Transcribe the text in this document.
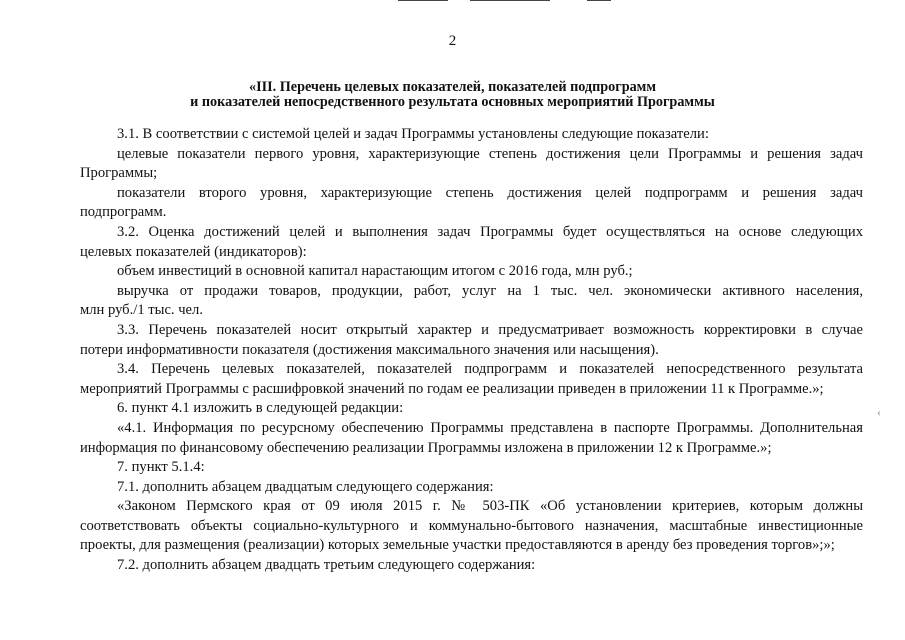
2
«III. Перечень целевых показателей, показателей подпрограмм
и показателей непосредственного результата основных мероприятий Программы
3.1. В соответствии с системой целей и задач Программы установлены следующие показатели:
целевые показатели первого уровня, характеризующие степень достижения цели Программы и решения задач
Программы;
показатели второго уровня, характеризующие степень достижения целей подпрограмм и решения задач
подпрограмм.
3.2. Оценка достижений целей и выполнения задач Программы будет осуществляться на основе следующих
целевых показателей (индикаторов):
объем инвестиций в основной капитал нарастающим итогом с 2016 года, млн руб.;
выручка от продажи товаров, продукции, работ, услуг на 1 тыс. чел. экономически активного населения,
млн руб./1 тыс. чел.
3.3. Перечень показателей носит открытый характер и предусматривает возможность корректировки в случае
потери информативности показателя (достижения максимального значения или насыщения).
3.4. Перечень целевых показателей, показателей подпрограмм и показателей непосредственного результата
мероприятий Программы с расшифровкой значений по годам ее реализации приведен в приложении 11 к Программе.»;
6. пункт 4.1 изложить в следующей редакции:
«4.1. Информация по ресурсному обеспечению Программы представлена в паспорте Программы. Дополнительная
информация по финансовому обеспечению реализации Программы изложена в приложении 12 к Программе.»;
7. пункт 5.1.4:
7.1. дополнить абзацем двадцатым следующего содержания:
«Законом Пермского края от 09 июля 2015 г. № 503-ПК «Об установлении критериев, которым должны
соответствовать объекты социально-культурного и коммунально-бытового назначения, масштабные инвестиционные
проекты, для размещения (реализации) которых земельные участки предоставляются в аренду без проведения торгов»;»;
7.2. дополнить абзацем двадцать третьим следующего содержания:
‹
